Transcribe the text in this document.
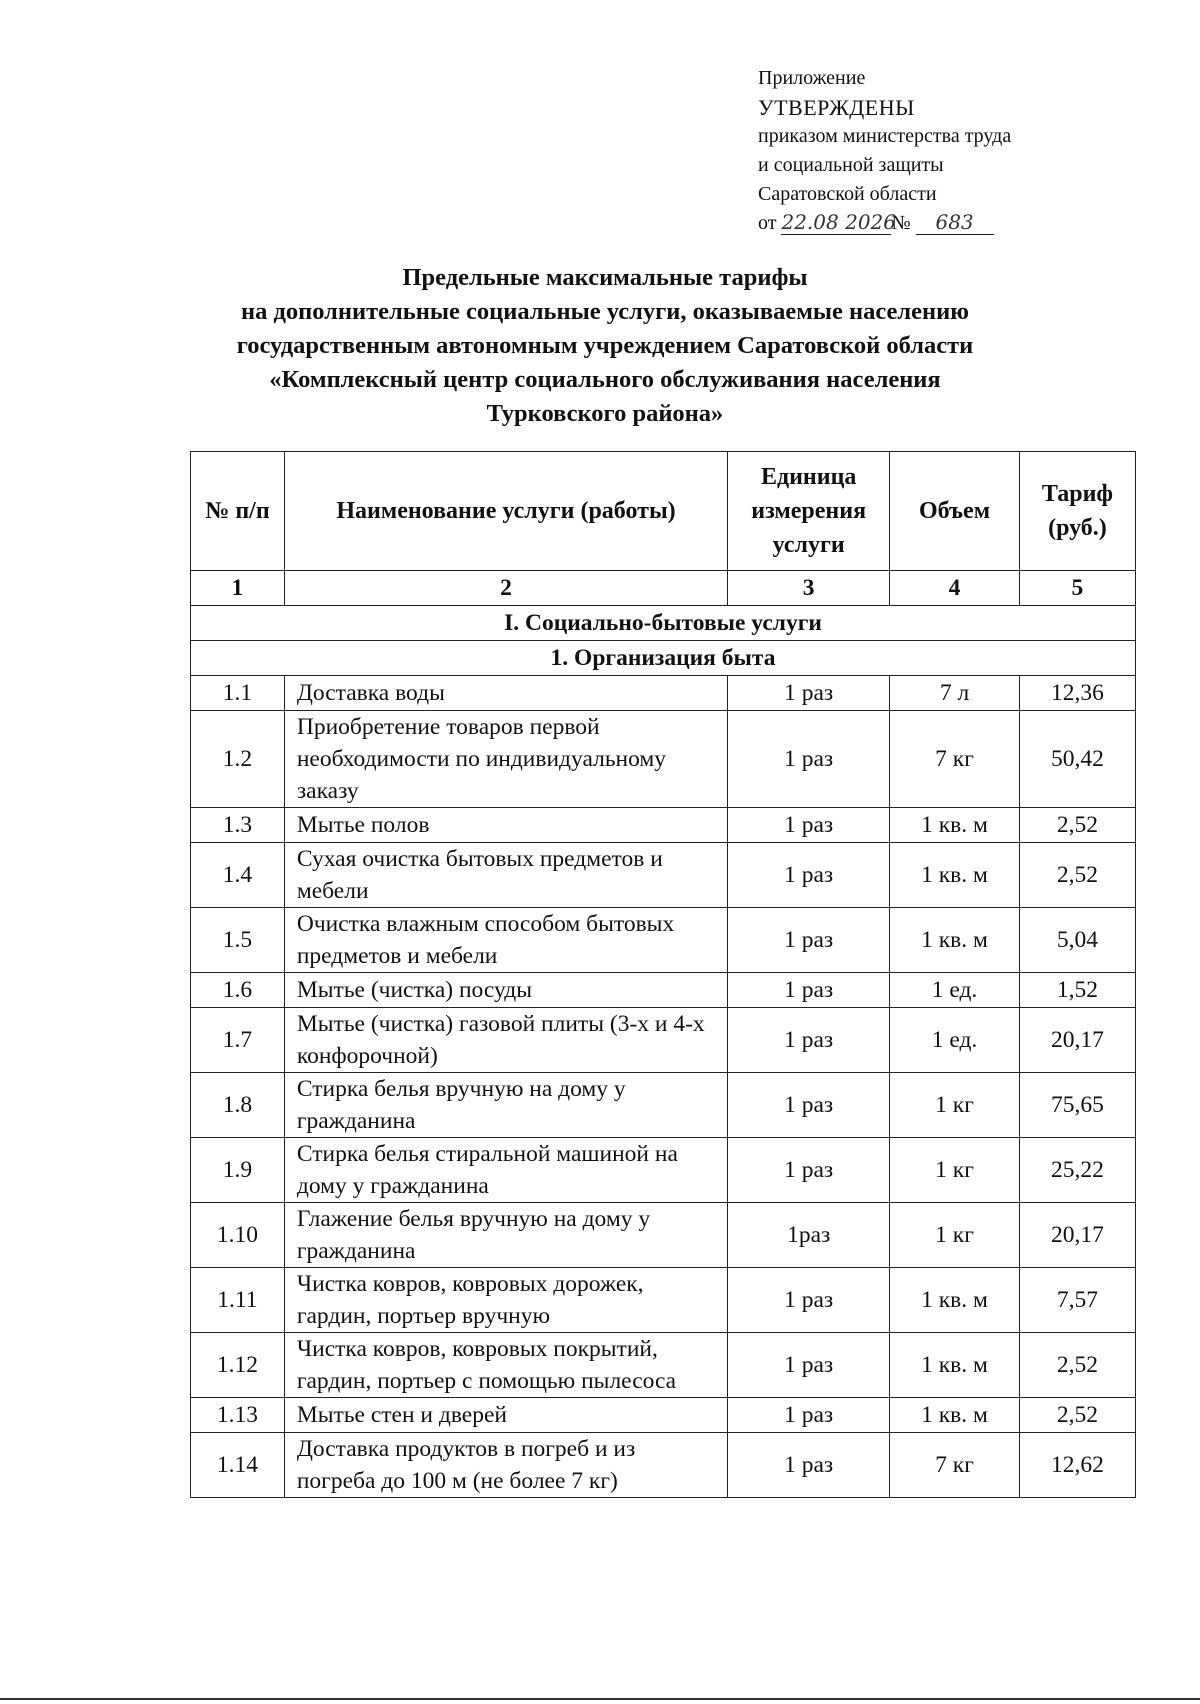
Приложение
УТВЕРЖДЕНЫ
приказом министерства труда
и социальной защиты
Саратовской области
от 22.08 2026№ 683
Предельные максимальные тарифы
на дополнительные социальные услуги, оказываемые населению
государственным автономным учреждением Саратовской области
«Комплексный центр социального обслуживания населения
Турковского района»
№ п/п	Наименование услуги (работы)	Единица измерения услуги	Объем	Тариф (руб.)
1	2	3	4	5
I. Социально-бытовые услуги				
1. Организация быта				
1.1	Доставка воды	1 раз	7 л	12,36
1.2	Приобретение товаров первой необходимости по индивидуальному заказу	1 раз	7 кг	50,42
1.3	Мытье полов	1 раз	1 кв. м	2,52
1.4	Сухая очистка бытовых предметов и мебели	1 раз	1 кв. м	2,52
1.5	Очистка влажным способом бытовых предметов и мебели	1 раз	1 кв. м	5,04
1.6	Мытье (чистка) посуды	1 раз	1 ед.	1,52
1.7	Мытье (чистка) газовой плиты (3-х и 4-х конфорочной)	1 раз	1 ед.	20,17
1.8	Стирка белья вручную на дому у гражданина	1 раз	1 кг	75,65
1.9	Стирка белья стиральной машиной на дому у гражданина	1 раз	1 кг	25,22
1.10	Глажение белья вручную на дому у гражданина	1раз	1 кг	20,17
1.11	Чистка ковров, ковровых дорожек, гардин, портьер вручную	1 раз	1 кв. м	7,57
1.12	Чистка ковров, ковровых покрытий, гардин, портьер с помощью пылесоса	1 раз	1 кв. м	2,52
1.13	Мытье стен и дверей	1 раз	1 кв. м	2,52
1.14	Доставка продуктов в погреб и из погреба до 100 м (не более 7 кг)	1 раз	7 кг	12,62
